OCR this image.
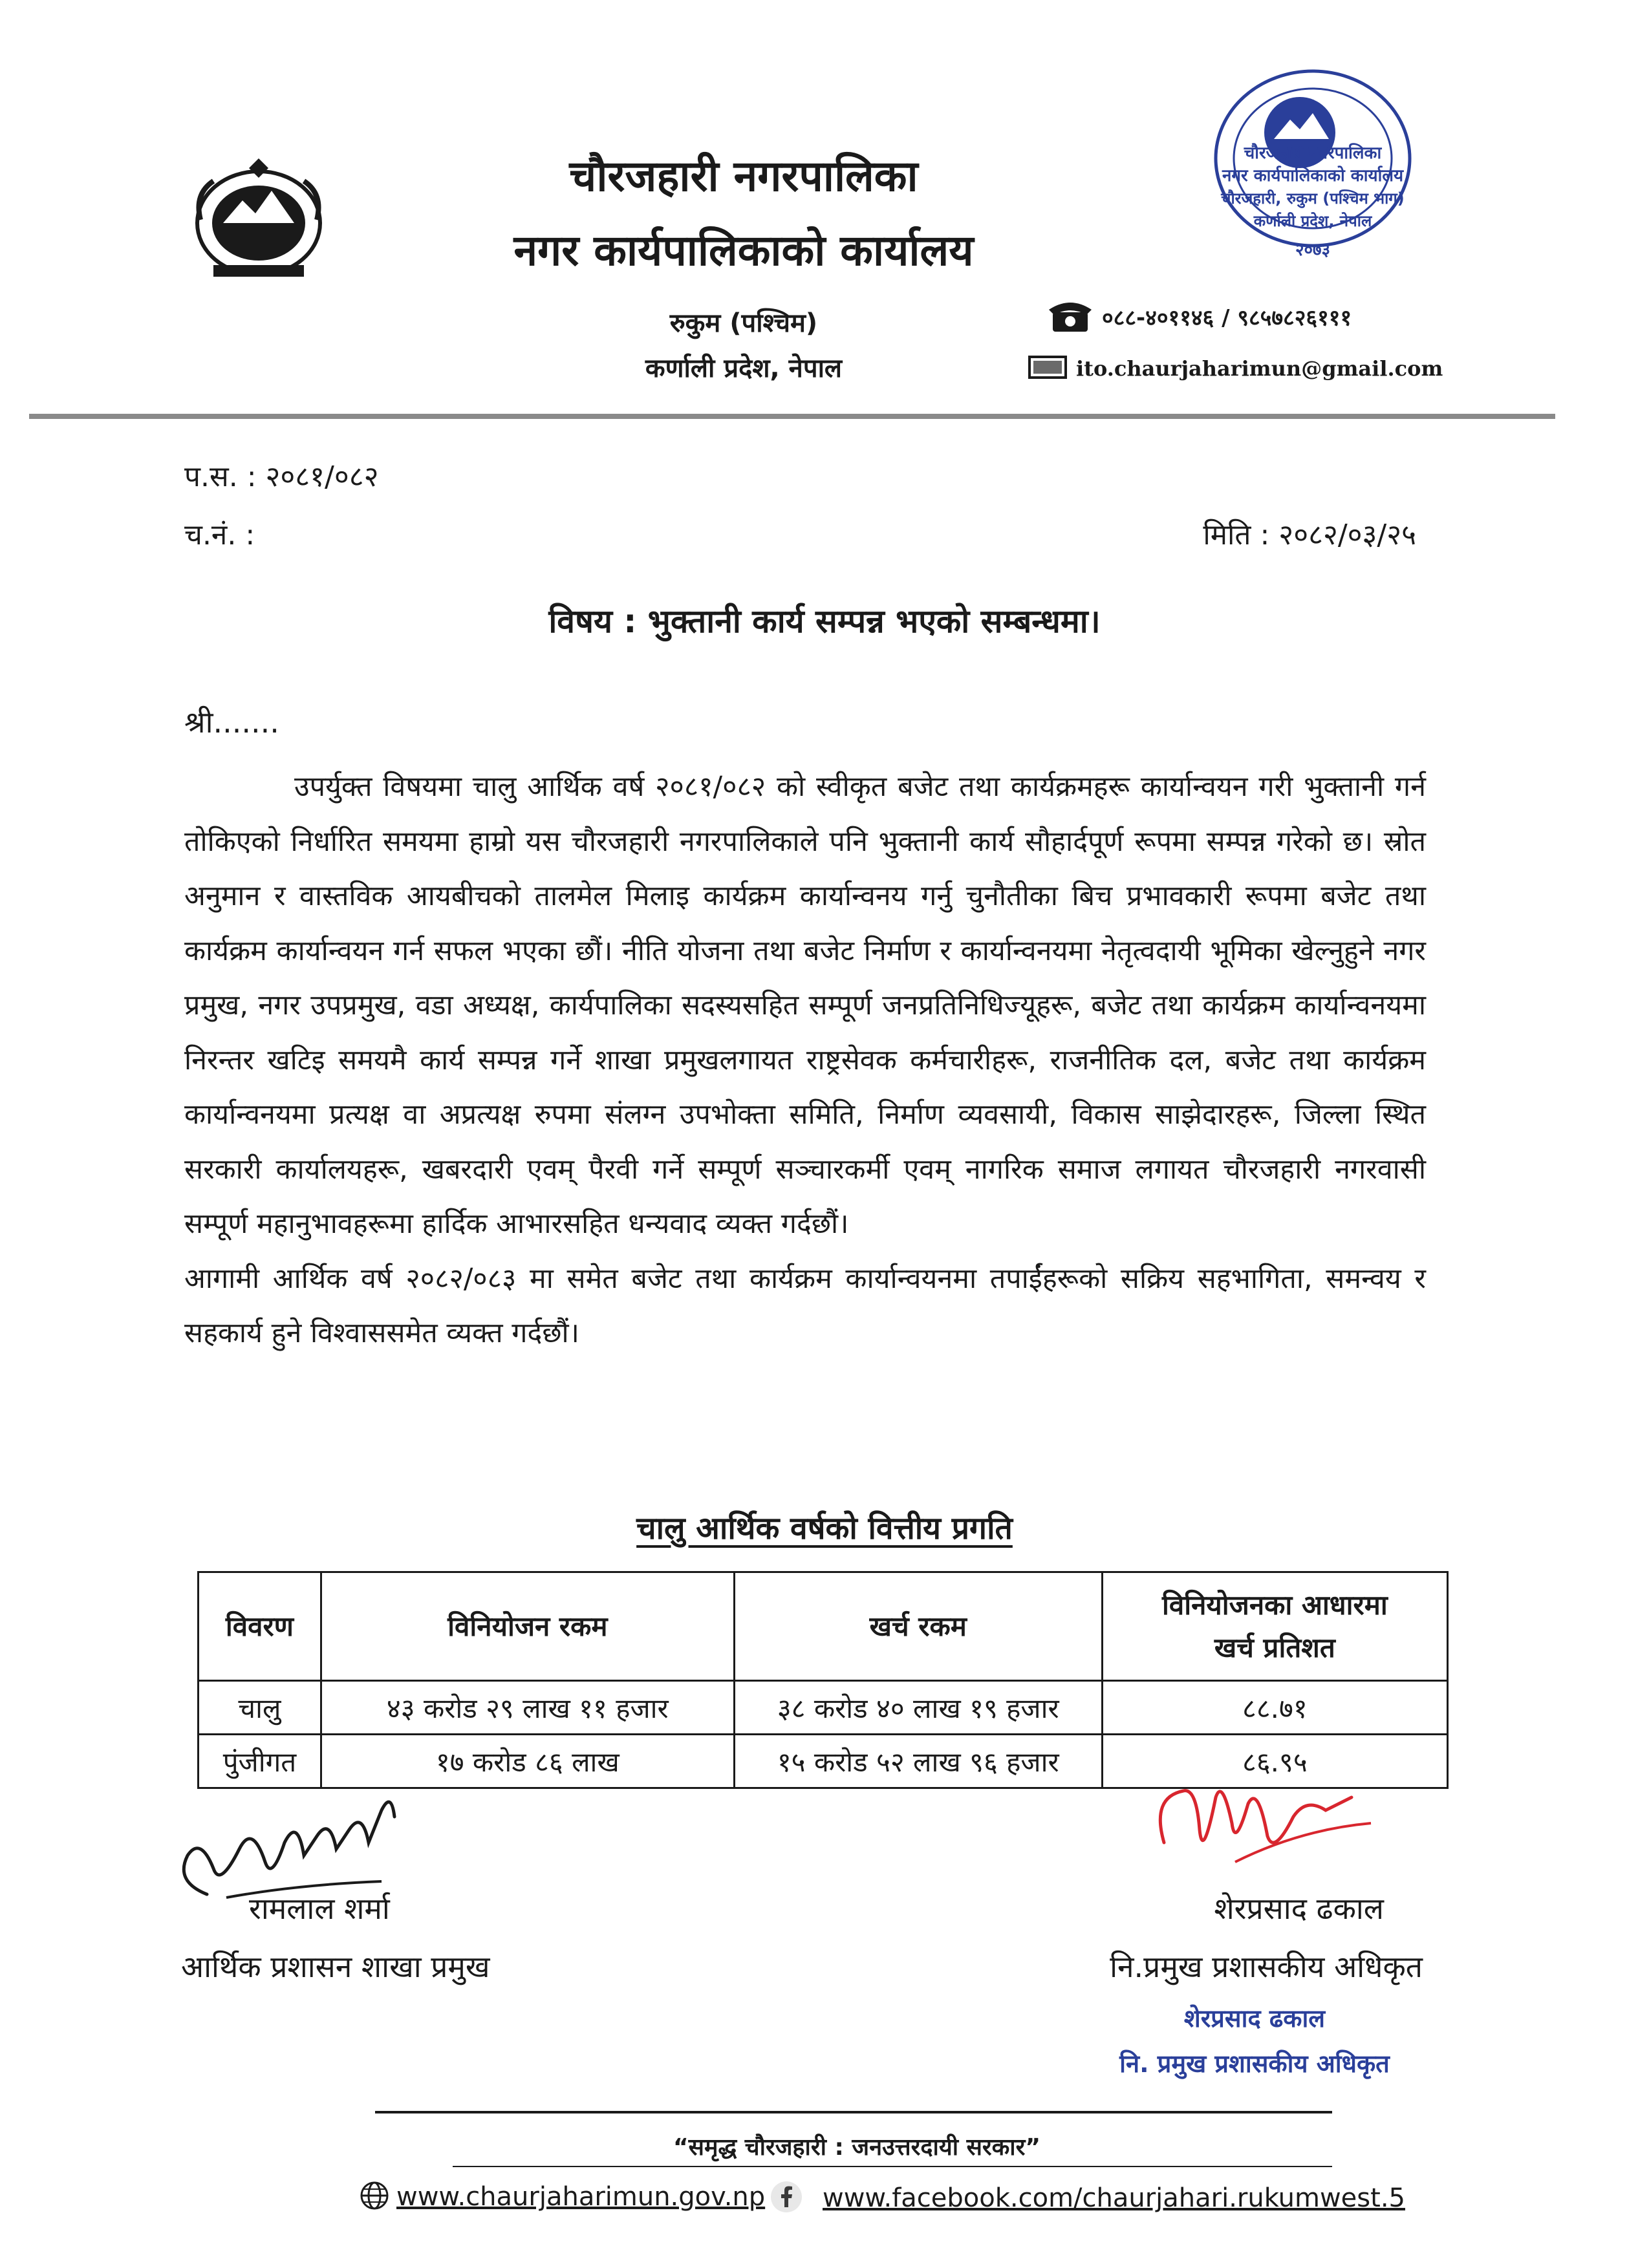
चौरजहारी नगरपालिका
नगर कार्यपालिकाको कार्यालय
रुकुम (पश्चिम)
कर्णाली प्रदेश, नेपाल
चौरजहारी नगरपालिका
नगर कार्यपालिकाको कार्यालय
चौरजहारी, रुकुम (पश्चिम भाग)
कर्णाली प्रदेश, नेपाल
२०७३
०८८-४०११४६ / ९८५७८२६१११
ito.chaurjaharimun@gmail.com
प.स. : २०८१/०८२
च.नं. :	मिति : २०८२/०३/२५
विषय : भुक्तानी कार्य सम्पन्न भएको सम्बन्धमा।
श्री.......

उपर्युक्त विषयमा चालु आर्थिक वर्ष २०८१/०८२ को स्वीकृत बजेट तथा कार्यक्रमहरू कार्यान्वयन गरी भुक्तानी गर्न तोकिएको निर्धारित समयमा हाम्रो यस चौरजहारी नगरपालिकाले पनि भुक्तानी कार्य सौहार्दपूर्ण रूपमा सम्पन्न गरेको छ। स्रोत अनुमान र वास्तविक आयबीचको तालमेल मिलाइ कार्यक्रम कार्यान्वनय गर्नु चुनौतीका बिच प्रभावकारी रूपमा बजेट तथा कार्यक्रम कार्यान्वयन गर्न सफल भएका छौं। नीति योजना तथा बजेट निर्माण र कार्यान्वनयमा नेतृत्वदायी भूमिका खेल्नुहुने नगर प्रमुख, नगर उपप्रमुख, वडा अध्यक्ष, कार्यपालिका सदस्यसहित सम्पूर्ण जनप्रतिनिधिज्यूहरू, बजेट तथा कार्यक्रम कार्यान्वनयमा निरन्तर खटिइ समयमै कार्य सम्पन्न गर्ने शाखा प्रमुखलगायत राष्ट्रसेवक कर्मचारीहरू, राजनीतिक दल, बजेट तथा कार्यक्रम कार्यान्वनयमा प्रत्यक्ष वा अप्रत्यक्ष रुपमा संलग्न उपभोक्ता समिति, निर्माण व्यवसायी, विकास साझेदारहरू, जिल्ला स्थित सरकारी कार्यालयहरू, खबरदारी एवम् पैरवी गर्ने सम्पूर्ण सञ्चारकर्मी एवम् नागरिक समाज लगायत चौरजहारी नगरवासी सम्पूर्ण महानुभावहरूमा हार्दिक आभारसहित धन्यवाद व्यक्त गर्दछौं।

आगामी आर्थिक वर्ष २०८२/०८३ मा समेत बजेट तथा कार्यक्रम कार्यान्वयनमा तपाईंहरूको सक्रिय सहभागिता, समन्वय र सहकार्य हुने विश्वाससमेत व्यक्त गर्दछौं।

चालु आर्थिक वर्षको वित्तीय प्रगति
विवरण	विनियोजन रकम	खर्च रकम	विनियोजनका आधारमा
खर्च प्रतिशत

चालु	४३ करोड २९ लाख ११ हजार	३८ करोड ४० लाख १९ हजार	८८.७१
पुंजीगत	१७ करोड ८६ लाख	१५ करोड ५२ लाख ९६ हजार	८६.९५
रामलाल शर्मा
आर्थिक प्रशासन शाखा प्रमुख
शेरप्रसाद ढकाल
नि.प्रमुख प्रशासकीय अधिकृत
शेरप्रसाद ढकाल
नि. प्रमुख प्रशासकीय अधिकृत
“समृद्ध चौरजहारी : जनउत्तरदायी सरकार”
www.chaurjaharimun.gov.np www.facebook.com/chaurjahari.rukumwest.5
